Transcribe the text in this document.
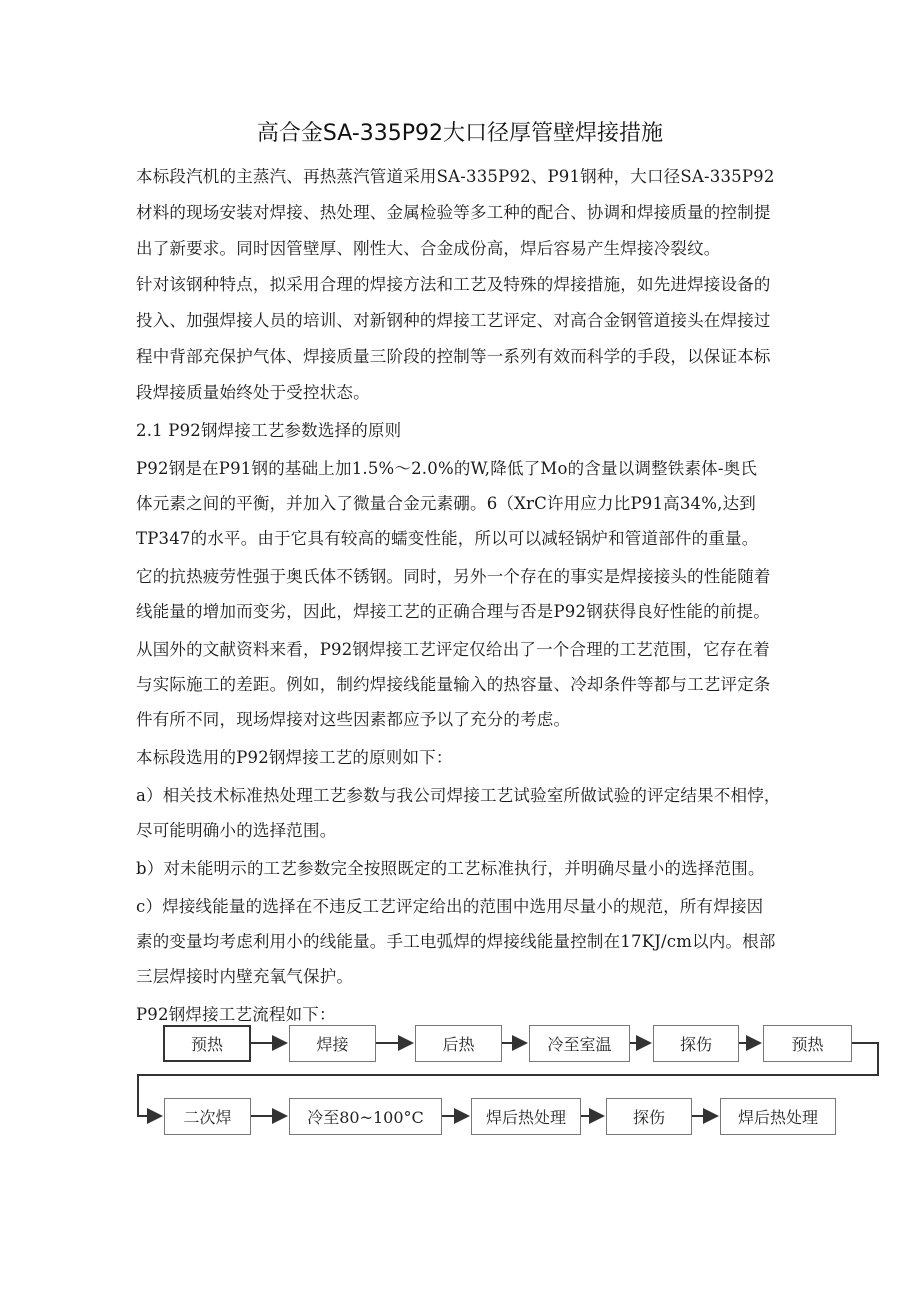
高合金SA-335P92大口径厚管壁焊接措施
本标段汽机的主蒸汽、再热蒸汽管道采用SA-335P92、P91钢种，大口径SA-335P92
材料的现场安装对焊接、热处理、金属检验等多工种的配合、协调和焊接质量的控制提
出了新要求。同时因管壁厚、刚性大、合金成份高，焊后容易产生焊接冷裂纹。
针对该钢种特点，拟采用合理的焊接方法和工艺及特殊的焊接措施，如先进焊接设备的
投入、加强焊接人员的培训、对新钢种的焊接工艺评定、对高合金钢管道接头在焊接过
程中背部充保护气体、焊接质量三阶段的控制等一系列有效而科学的手段，以保证本标
段焊接质量始终处于受控状态。
2.1 P92钢焊接工艺参数选择的原则
P92钢是在P91钢的基础上加1.5%～2.0%的W,降低了Mo的含量以调整铁素体-奥氏
体元素之间的平衡，并加入了微量合金元素硼。6（XrC许用应力比P91高34%,达到
TP347的水平。由于它具有较高的蠕变性能，所以可以减轻锅炉和管道部件的重量。
它的抗热疲劳性强于奥氏体不锈钢。同时，另外一个存在的事实是焊接接头的性能随着
线能量的增加而变劣，因此，焊接工艺的正确合理与否是P92钢获得良好性能的前提。
从国外的文献资料来看，P92钢焊接工艺评定仅给出了一个合理的工艺范围，它存在着
与实际施工的差距。例如，制约焊接线能量输入的热容量、冷却条件等都与工艺评定条
件有所不同，现场焊接对这些因素都应予以了充分的考虑。
本标段选用的P92钢焊接工艺的原则如下：
a）相关技术标准热处理工艺参数与我公司焊接工艺试验室所做试验的评定结果不相悖，
尽可能明确小的选择范围。
b）对未能明示的工艺参数完全按照既定的工艺标准执行，并明确尽量小的选择范围。
c）焊接线能量的选择在不违反工艺评定给出的范围中选用尽量小的规范，所有焊接因
素的变量均考虑利用小的线能量。手工电弧焊的焊接线能量控制在17KJ/cm以内。根部
三层焊接时内壁充氧气保护。
P92钢焊接工艺流程如下：
预热	焊接	后热	冷至室温	探伤	预热
二次焊	冷至80~100°C	焊后热处理	探伤	焊后热处理
